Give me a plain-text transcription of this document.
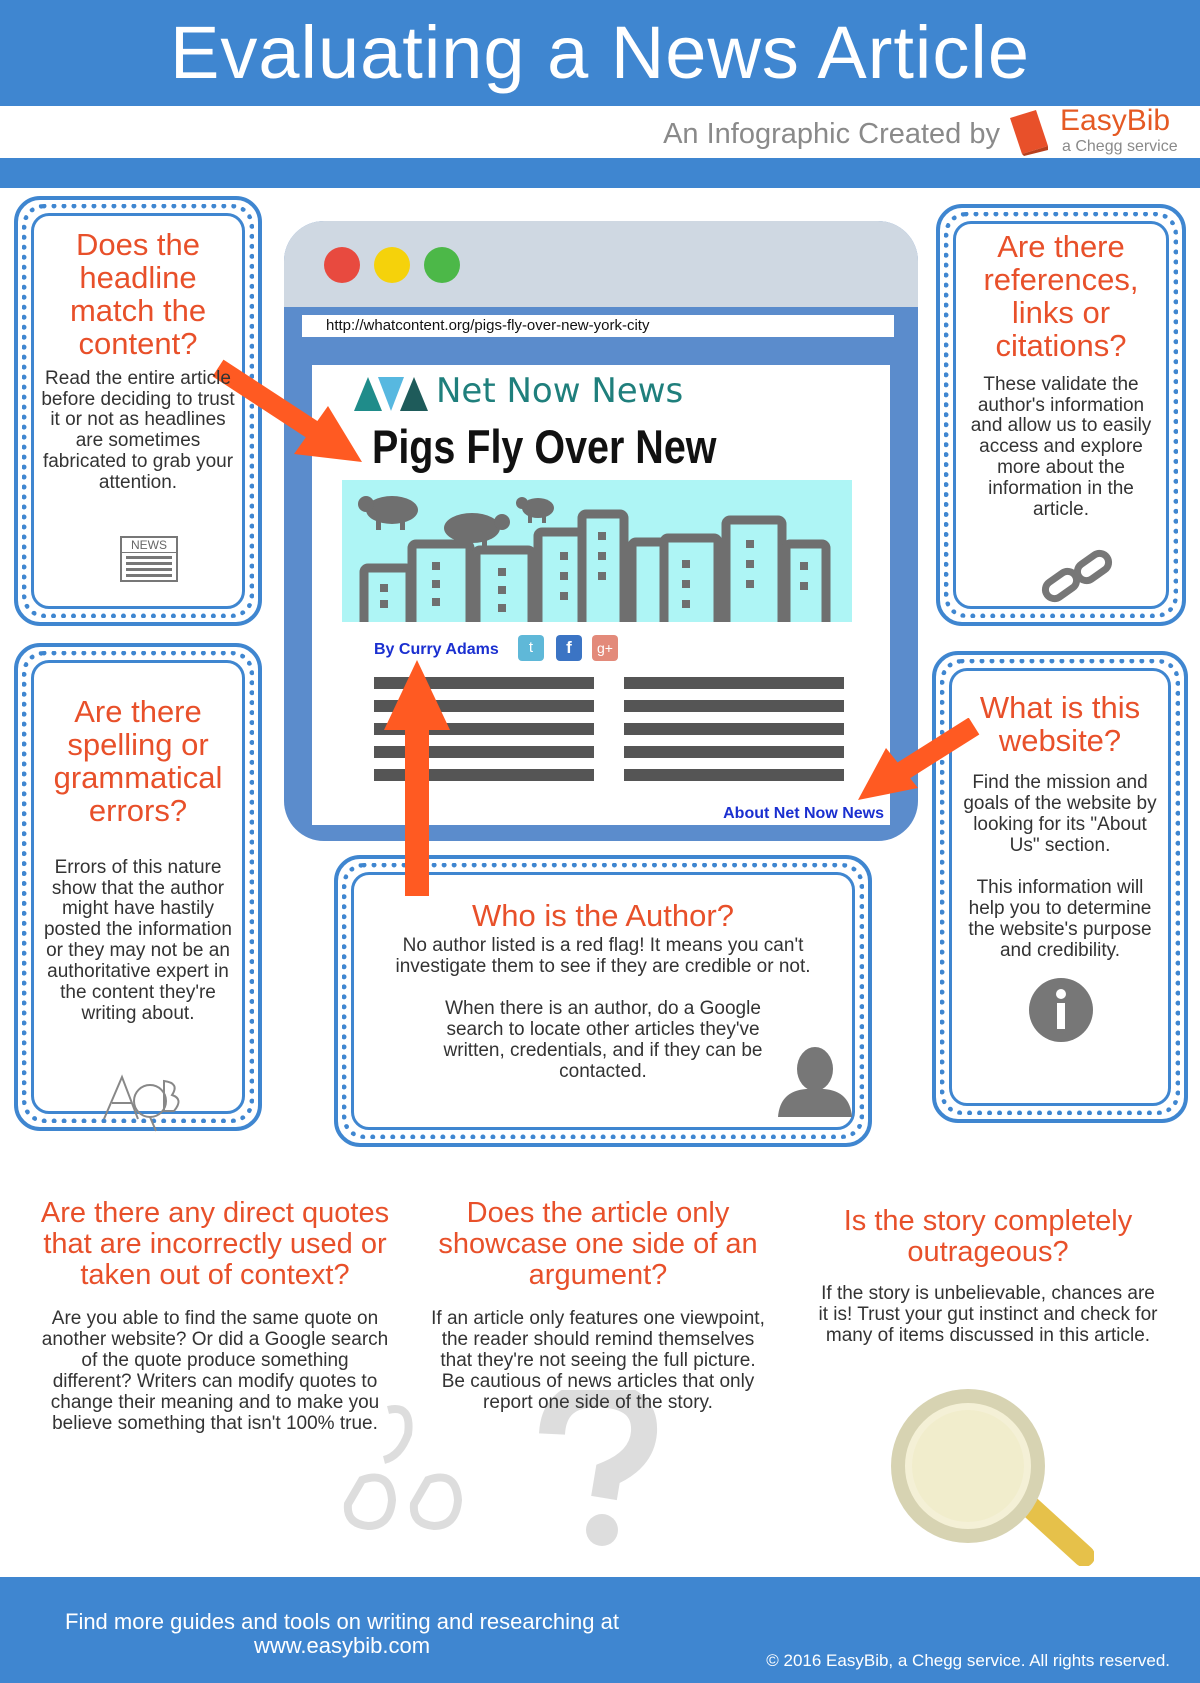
Evaluating a News Article
An Infographic Created by EasyBib
a Chegg service
Does the headline match the content?
Read the entire article before deciding to trust it or not as headlines are sometimes fabricated to grab your attention.
NEWS
Are there spelling or grammatical errors?
Errors of this nature show that the author might have hastily posted the information or they may not be an authoritative expert in the content they're writing about.
Are there references, links or citations?
These validate the author's information and allow us to easily access and explore more about the information in the article.
What is this website?
Find the mission and goals of the website by looking for its "About Us" section.
This information will help you to determine the website's purpose and credibility.
Who is the Author?
No author listed is a red flag! It means you can't investigate them to see if they are credible or not.
When there is an author, do a Google search to locate other articles they've written, credentials, and if they can be contacted.
http://whatcontent.org/pigs-fly-over-new-york-city
Net Now News
Pigs Fly Over New
By Curry Adams	t	f	g+
About Net Now News
Are there any direct quotes that are incorrectly used or taken out of context?
Are you able to find the same quote on another website? Or did a Google search of the quote produce something different? Writers can modify quotes to change their meaning and to make you believe something that isn't 100% true.
Does the article only showcase one side of an argument?
If an article only features one viewpoint, the reader should remind themselves that they're not seeing the full picture. Be cautious of news articles that only report one side of the story.
Is the story completely outrageous?
If the story is unbelievable, chances are it is! Trust your gut instinct and check for many of items discussed in this article.
Find more guides and tools on writing and researching at www.easybib.com
© 2016 EasyBib, a Chegg service. All rights reserved.
